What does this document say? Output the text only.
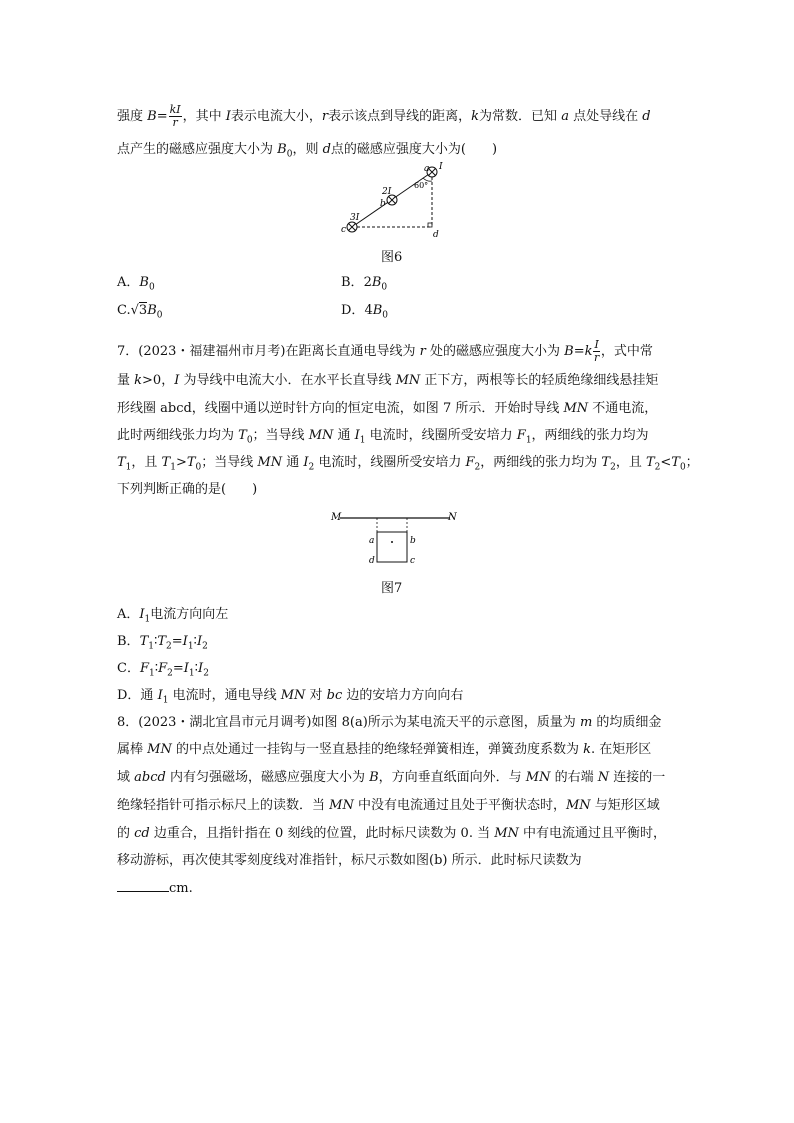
强度 $B= \frac{kI}{r}$ ，其中 I表示电流大小，r表示该点到导线的距离，k为常数．已知 a 点处导线在 d
点产生的磁感应强度大小为 $B_0$，则 d点的磁感应强度大小为(　　)
a I
2I
b
3I
c	d
60°
图6
A．$B_0$	B．$2B_0$
$C.√3B_0$	D．$4B_0$
7．(2023・福建福州市月考)在距离长直通电导线为 r 处的磁感应强度大小为 $B=k \frac{I}{r}$ ，式中常
量 k>0，I 为导线中电流大小．在水平长直导线 MN 正下方，两根等长的轻质绝缘细线悬挂矩
形线圈 abcd，线圈中通以逆时针方向的恒定电流，如图 7 所示．开始时导线 MN 不通电流，
此时两细线张力均为 $T_0$；当导线 MN 通 $I_1$ 电流时，线圈所受安培力 $F_1$，两细线的张力均为
$T_1$，且 $T_1>T_0$；当导线 MN 通 $I_2$ 电流时，线圈所受安培力 $F_2$，两细线的张力均为 $T_2$，且 $T_2<T_0$；
下列判断正确的是(　　)
M	N
a	b
c
d
图7
A．$I_1$电流方向向左
B．$T_1∶T_2=I_1∶I_2$
C．$F_1∶F_2=I_1∶I_2$
D．通 $I_1$ 电流时，通电导线 MN 对 bc 边的安培力方向向右
8．(2023・湖北宜昌市元月调考)如图 8(a)所示为某电流天平的示意图，质量为 m 的均质细金
属棒 MN 的中点处通过一挂钩与一竖直悬挂的绝缘轻弹簧相连，弹簧劲度系数为 k. 在矩形区
域 abcd 内有匀强磁场，磁感应强度大小为 B，方向垂直纸面向外．与 MN 的右端 N 连接的一
绝缘轻指针可指示标尺上的读数．当 MN 中没有电流通过且处于平衡状态时，MN 与矩形区域
的 cd 边重合，且指针指在 0 刻线的位置，此时标尺读数为 0. 当 MN 中有电流通过且平衡时，
移动游标，再次使其零刻度线对准指针，标尺示数如图(b) 所示．此时标尺读数为
cm.
